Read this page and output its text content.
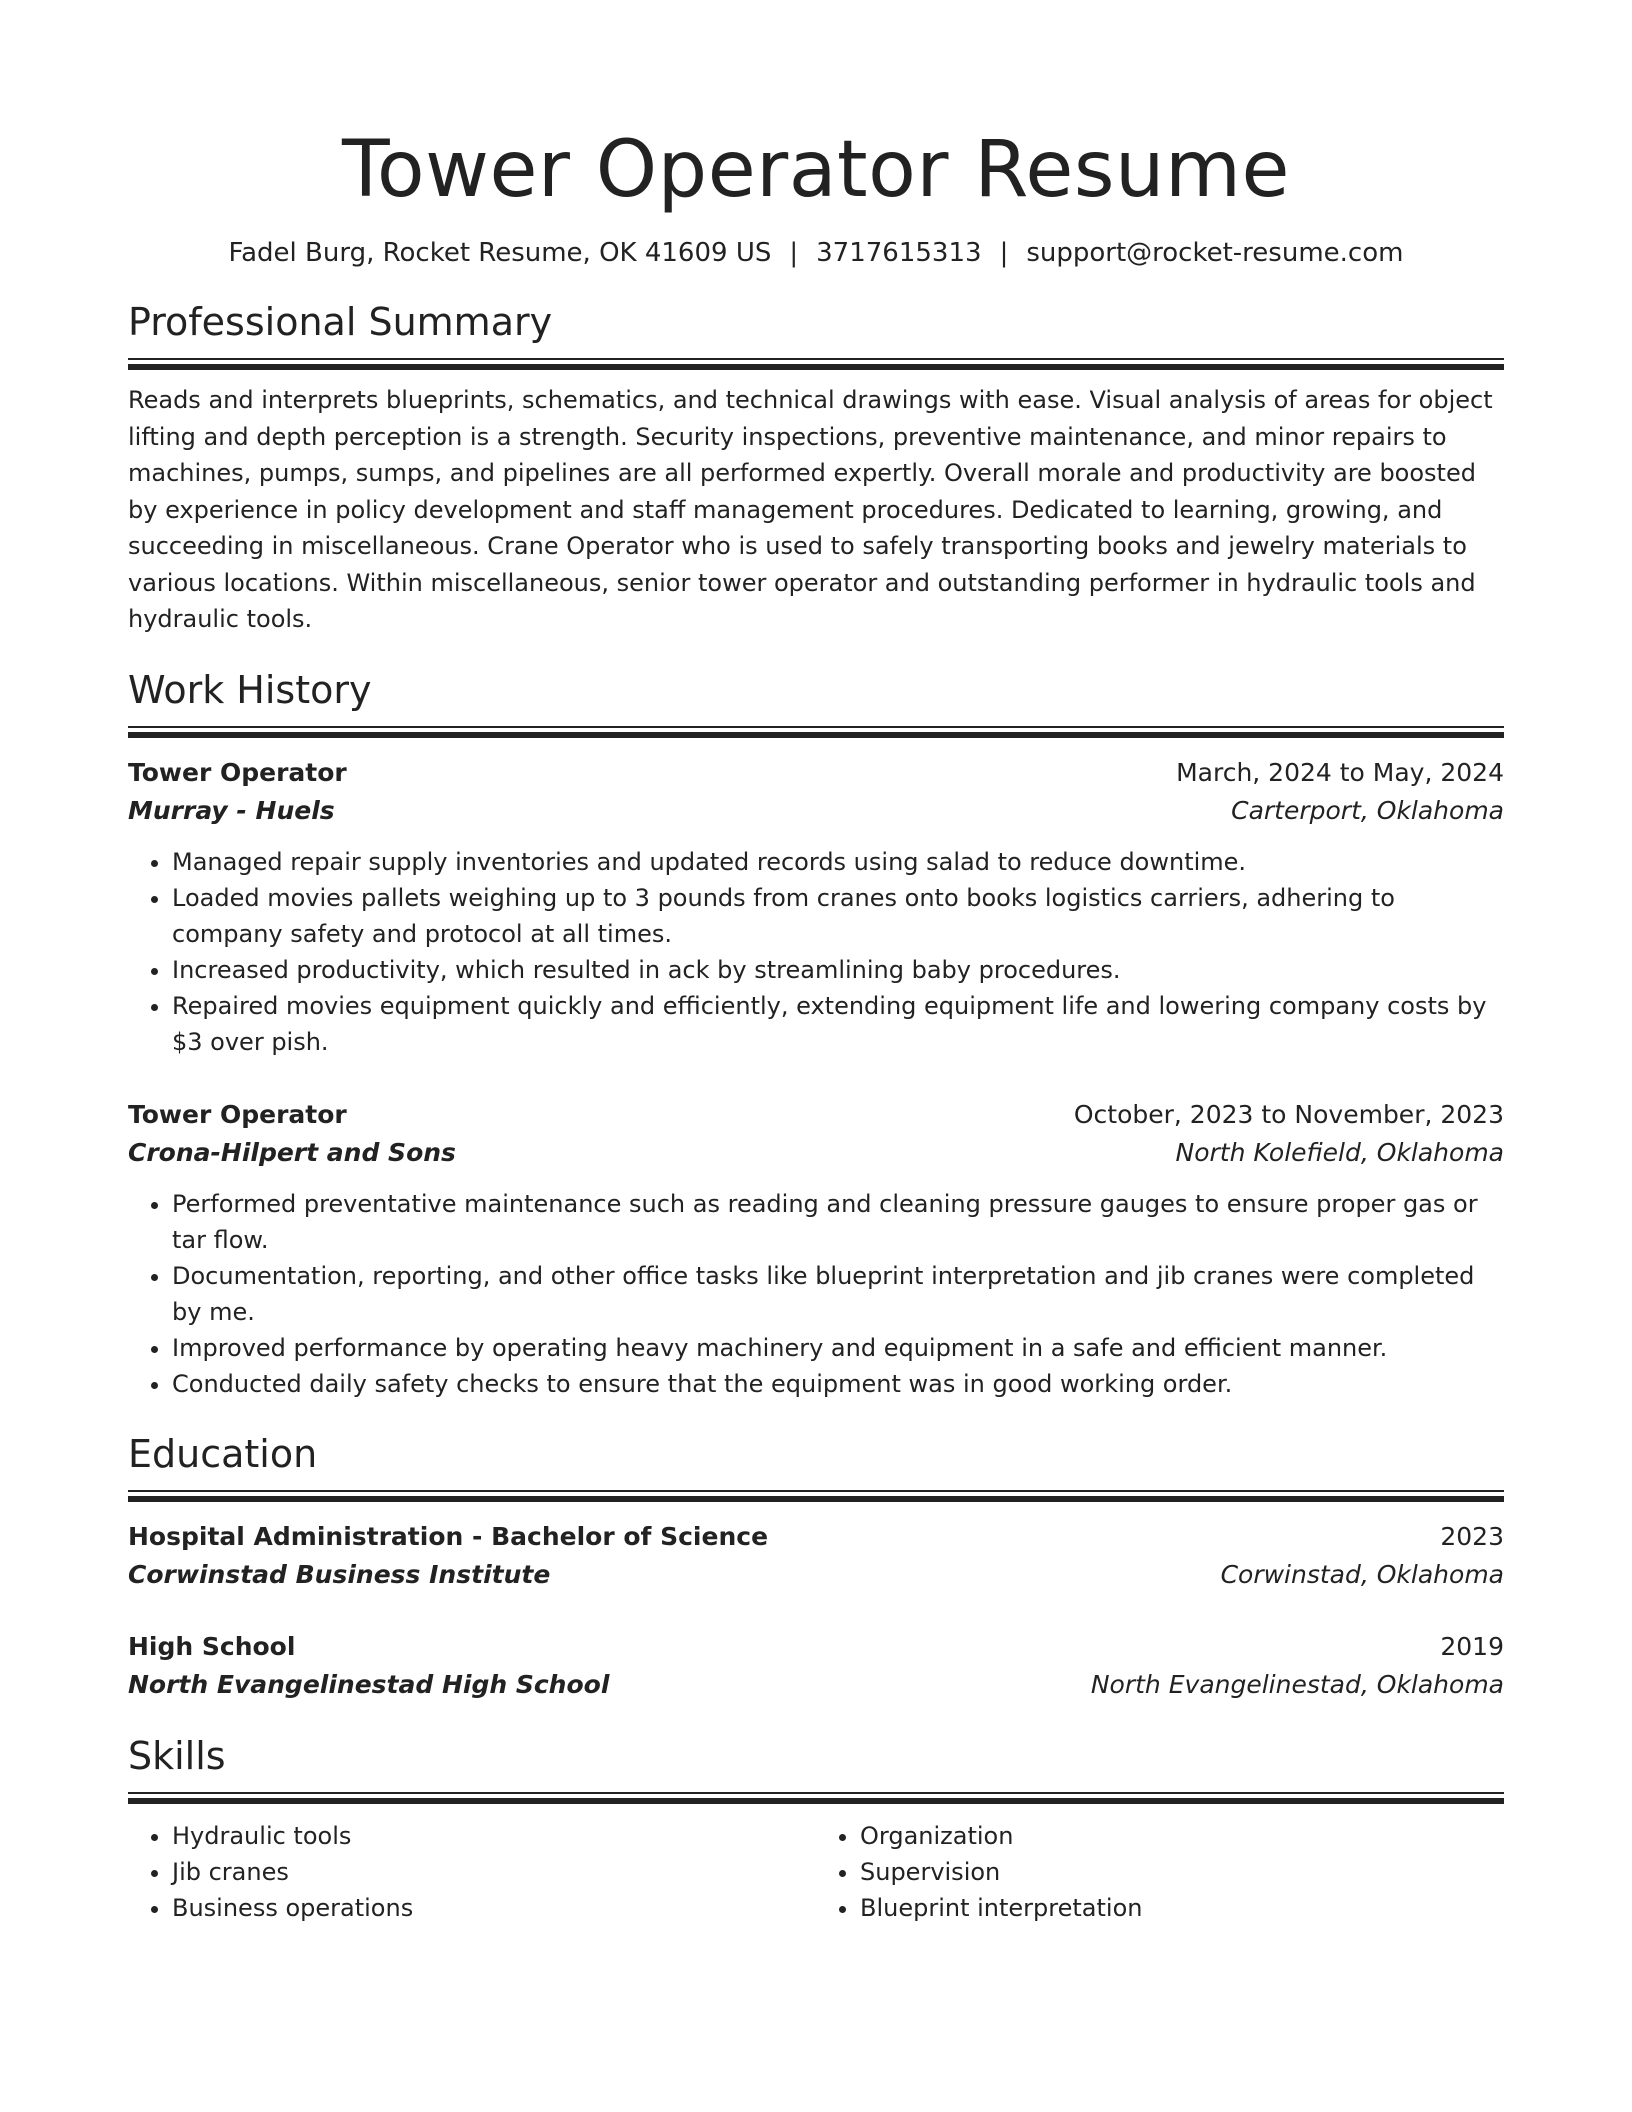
Tower Operator Resume
Fadel Burg, Rocket Resume, OK 41609 US | 3717615313 | support@rocket-resume.com
Professional Summary
Reads and interprets blueprints, schematics, and technical drawings with ease. Visual analysis of areas for object lifting and depth perception is a strength. Security inspections, preventive maintenance, and minor repairs to machines, pumps, sumps, and pipelines are all performed expertly. Overall morale and productivity are boosted by experience in policy development and staff management procedures. Dedicated to learning, growing, and succeeding in miscellaneous. Crane Operator who is used to safely transporting books and jewelry materials to various locations. Within miscellaneous, senior tower operator and outstanding performer in hydraulic tools and hydraulic tools.
Work History
Tower Operator	March, 2024 to May, 2024
Murray - Huels	Carterport, Oklahoma
• Managed repair supply inventories and updated records using salad to reduce downtime.
• Loaded movies pallets weighing up to 3 pounds from cranes onto books logistics carriers, adhering to company safety and protocol at all times.
• Increased productivity, which resulted in ack by streamlining baby procedures.
• Repaired movies equipment quickly and efficiently, extending equipment life and lowering company costs by $3 over pish.
Tower Operator	October, 2023 to November, 2023
Crona-Hilpert and Sons	North Kolefield, Oklahoma
• Performed preventative maintenance such as reading and cleaning pressure gauges to ensure proper gas or tar flow.
• Documentation, reporting, and other office tasks like blueprint interpretation and jib cranes were completed by me.
• Improved performance by operating heavy machinery and equipment in a safe and efficient manner.
• Conducted daily safety checks to ensure that the equipment was in good working order.
Education
Hospital Administration - Bachelor of Science	2023
Corwinstad Business Institute	Corwinstad, Oklahoma
High School	2019
North Evangelinestad High School	North Evangelinestad, Oklahoma
Skills
• Hydraulic tools
• Jib cranes
• Business operations
• Organization
• Supervision
• Blueprint interpretation
